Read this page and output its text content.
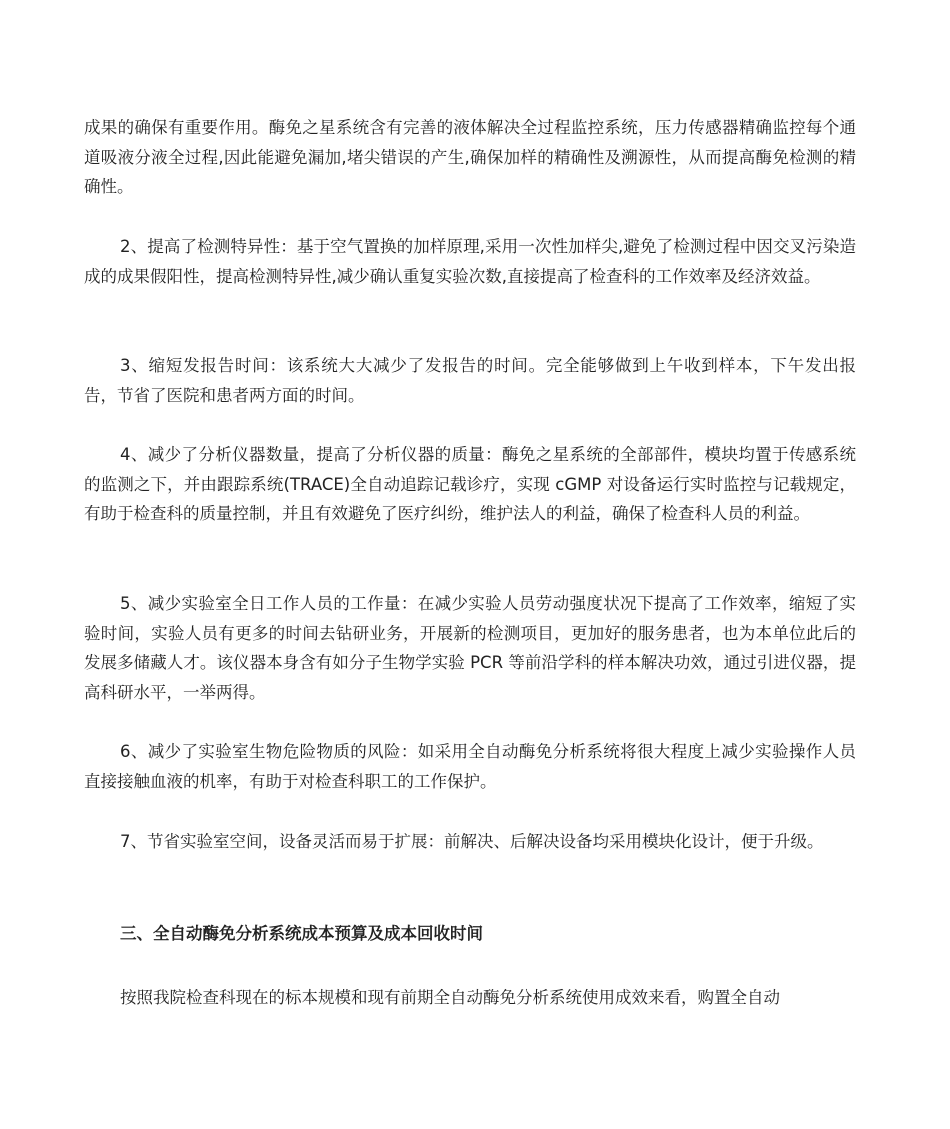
成果的确保有重要作用。酶免之星系统含有完善的液体解决全过程监控系统，压力传感器精确监控每个通道吸液分液全过程,因此能避免漏加,堵尖错误的产生,确保加样的精确性及溯源性，从而提高酶免检测的精确性。

2、提高了检测特异性：基于空气置换的加样原理,采用一次性加样尖,避免了检测过程中因交叉污染造成的成果假阳性，提高检测特异性,减少确认重复实验次数,直接提高了检查科的工作效率及经济效益。

3、缩短发报告时间：该系统大大减少了发报告的时间。完全能够做到上午收到样本，下午发出报告，节省了医院和患者两方面的时间。

4、减少了分析仪器数量，提高了分析仪器的质量：酶免之星系统的全部部件，模块均置于传感系统的监测之下，并由跟踪系统(TRACE)全自动追踪记载诊疗，实现 cGMP 对设备运行实时监控与记载规定，有助于检查科的质量控制，并且有效避免了医疗纠纷，维护法人的利益，确保了检查科人员的利益。

5、减少实验室全日工作人员的工作量：在减少实验人员劳动强度状况下提高了工作效率，缩短了实验时间，实验人员有更多的时间去钻研业务，开展新的检测项目，更加好的服务患者，也为本单位此后的发展多储藏人才。该仪器本身含有如分子生物学实验 PCR 等前沿学科的样本解决功效，通过引进仪器，提高科研水平，一举两得。

6、减少了实验室生物危险物质的风险：如采用全自动酶免分析系统将很大程度上减少实验操作人员直接接触血液的机率，有助于对检查科职工的工作保护。

7、节省实验室空间，设备灵活而易于扩展：前解决、后解决设备均采用模块化设计，便于升级。

三、全自动酶免分析系统成本预算及成本回收时间

按照我院检查科现在的标本规模和现有前期全自动酶免分析系统使用成效来看，购置全自动
